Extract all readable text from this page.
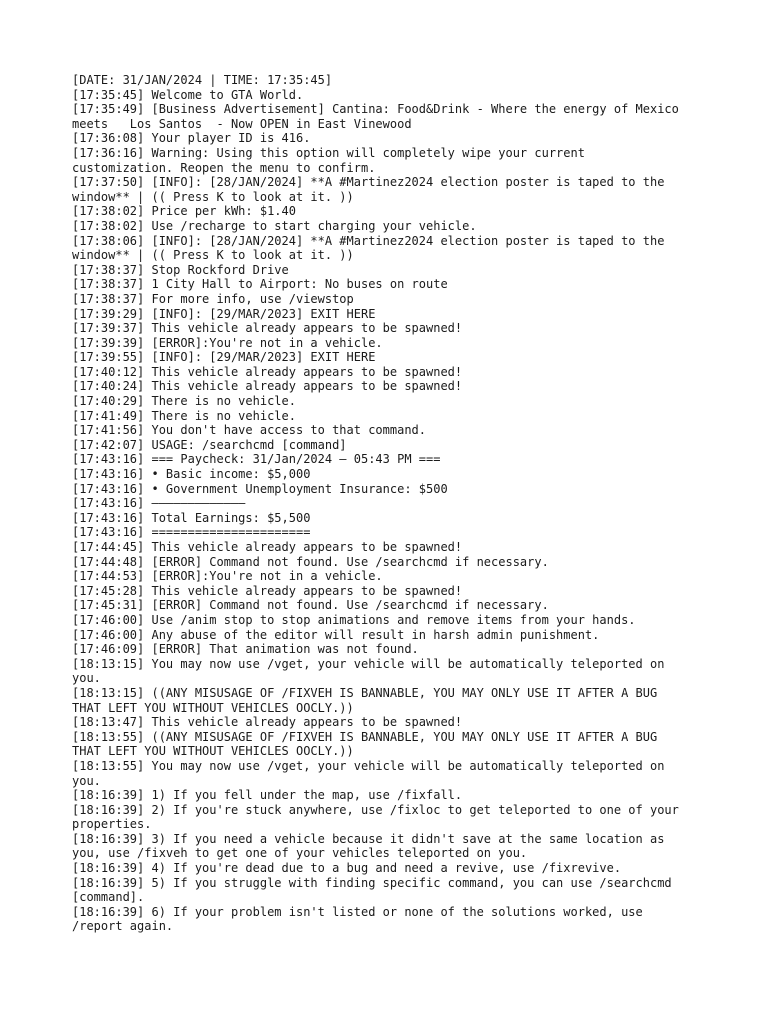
[DATE: 31/JAN/2024 | TIME: 17:35:45]
[17:35:45] Welcome to GTA World.
[17:35:49] [Business Advertisement] Cantina: Food&Drink - Where the energy of Mexico meets   Los Santos  - Now OPEN in East Vinewood
[17:36:08] Your player ID is 416.
[17:36:16] Warning: Using this option will completely wipe your current customization. Reopen the menu to confirm.
[17:37:50] [INFO]: [28/JAN/2024] **A #Martinez2024 election poster is taped to the window** | (( Press K to look at it. ))
[17:38:02] Price per kWh: $1.40
[17:38:02] Use /recharge to start charging your vehicle.
[17:38:06] [INFO]: [28/JAN/2024] **A #Martinez2024 election poster is taped to the window** | (( Press K to look at it. ))
[17:38:37] Stop Rockford Drive
[17:38:37] 1 City Hall to Airport: No buses on route
[17:38:37] For more info, use /viewstop
[17:39:29] [INFO]: [29/MAR/2023] EXIT HERE
[17:39:37] This vehicle already appears to be spawned!
[17:39:39] [ERROR]:You're not in a vehicle.
[17:39:55] [INFO]: [29/MAR/2023] EXIT HERE
[17:40:12] This vehicle already appears to be spawned!
[17:40:24] This vehicle already appears to be spawned!
[17:40:29] There is no vehicle.
[17:41:49] There is no vehicle.
[17:41:56] You don't have access to that command.
[17:42:07] USAGE: /searchcmd [command]
[17:43:16] === Paycheck: 31/Jan/2024 — 05:43 PM ===
[17:43:16] • Basic income: $5,000
[17:43:16] • Government Unemployment Insurance: $500
[17:43:16] —————————————
[17:43:16] Total Earnings: $5,500
[17:43:16] ======================
[17:44:45] This vehicle already appears to be spawned!
[17:44:48] [ERROR] Command not found. Use /searchcmd if necessary.
[17:44:53] [ERROR]:You're not in a vehicle.
[17:45:28] This vehicle already appears to be spawned!
[17:45:31] [ERROR] Command not found. Use /searchcmd if necessary.
[17:46:00] Use /anim stop to stop animations and remove items from your hands.
[17:46:00] Any abuse of the editor will result in harsh admin punishment.
[17:46:09] [ERROR] That animation was not found.
[18:13:15] You may now use /vget, your vehicle will be automatically teleported on you.
[18:13:15] ((ANY MISUSAGE OF /FIXVEH IS BANNABLE, YOU MAY ONLY USE IT AFTER A BUG THAT LEFT YOU WITHOUT VEHICLES OOCLY.))
[18:13:47] This vehicle already appears to be spawned!
[18:13:55] ((ANY MISUSAGE OF /FIXVEH IS BANNABLE, YOU MAY ONLY USE IT AFTER A BUG THAT LEFT YOU WITHOUT VEHICLES OOCLY.))
[18:13:55] You may now use /vget, your vehicle will be automatically teleported on you.
[18:16:39] 1) If you fell under the map, use /fixfall.
[18:16:39] 2) If you're stuck anywhere, use /fixloc to get teleported to one of your properties.
[18:16:39] 3) If you need a vehicle because it didn't save at the same location as you, use /fixveh to get one of your vehicles teleported on you.
[18:16:39] 4) If you're dead due to a bug and need a revive, use /fixrevive.
[18:16:39] 5) If you struggle with finding specific command, you can use /searchcmd [command].
[18:16:39] 6) If your problem isn't listed or none of the solutions worked, use /report again.
